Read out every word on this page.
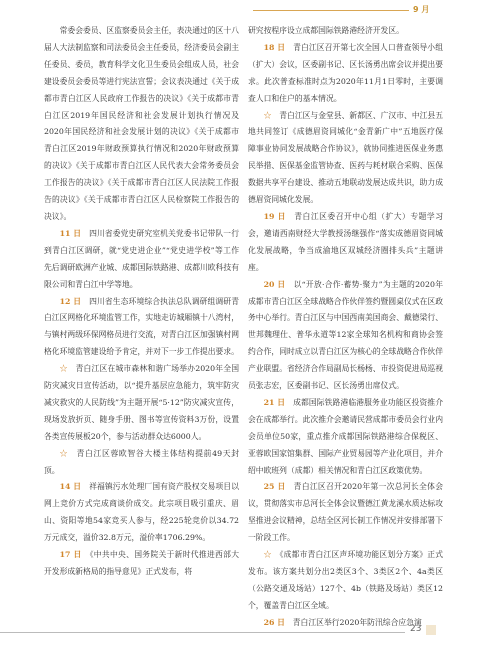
9 月

常委会委员、区监察委员会主任，表决通过的区十八届人大法制监察和司法委员会主任委员，经济委员会副主任委员、委员，教育科学文化卫生委员会组成人员，社会建设委员会委员等进行宪法宣誓；会议表决通过《关于成都市青白江区人民政府工作报告的决议》《关于成都市青白江区2019年国民经济和社会发展计划执行情况及2020年国民经济和社会发展计划的决议》《关于成都市青白江区2019年财政预算执行情况和2020年财政预算的决议》《关于成都市青白江区人民代表大会常务委员会工作报告的决议》《关于成都市青白江区人民法院工作报告的决议》《关于成都市青白江区人民检察院工作报告的决议》。

11 日　 四川省委党史研究室机关党委书记带队一行到青白江区调研，就“党史进企业”“党史进学校”等工作先后调研欧洲产业城、成都国际铁路港、成都川欧科技有限公司和青白江中学等地。

12 日　 四川省生态环境综合执法总队调研组调研青白江区网格化环境监管工作，实地走访城厢镇十八湾村，与镇村两级环保网格员进行交流，对青白江区加强镇村网格化环境监管建设给予肯定，并对下一步工作提出要求。

☆　 青白江区在城市森林和谐广场举办2020年全国防灾减灾日宣传活动，以“提升基层应急能力，筑牢防灾减灾救灾的人民防线”为主题开展“5·12”防灾减灾宣传，现场发放折页、随身手册、图书等宣传资料3万份，设置各类宣传展板20个，参与活动群众达6000人。

☆　 青白江区蓉欧智谷大楼主体结构提前49天封顶。

14 日　 祥福镇污水处理厂国有资产股权交易项目以网上竞价方式完成商谈价成交。此宗项目吸引重庆、眉山、资阳等地54家竞买人参与，经225轮竞价以34.72万元成交，溢价32.8万元，溢价率1706.29%。

17 日　 《中共中央、国务院关于新时代推进西部大开发形成新格局的指导意见》正式发布，将

研究按程序设立成都国际铁路港经济开发区。

18 日　 青白江区召开第七次全国人口普查领导小组（扩大）会议，区委副书记、区长汤勇出席会议并提出要求。此次普查标准时点为2020年11月1日零时，主要调查人口和住户的基本情况。

☆　 青白江区与金堂县、新都区、广汉市、中江县五地共同签订《成德眉资同城化“金青新广中”五地医疗保障事业协同发展战略合作协议》，就协同推进医保业务惠民举措、医保基金监管协查、医药与耗材联合采购、医保数据共享平台建设、推动五地联动发展达成共识，助力成德眉资同城化发展。

19 日　 青白江区委召开中心组（扩大）专题学习会，邀请西南财经大学教授汤继强作“落实成德眉资同城化发展战略，争当成渝地区双城经济圈排头兵”主题讲座。

20 日　 以“开放·合作·蓄势·聚力”为主题的2020年成都市青白江区全球战略合作伙伴签约暨圆桌仪式在区政务中心举行。青白江区与中国西南美国商会、戴德梁行、世邦魏理仕、普华永道等12家全球知名机构和商协会签约合作，同时成立以青白江区为核心的全球战略合作伙伴产业联盟。省经济合作局副局长杨杨、市投资促进局巡视员张志宏，区委副书记、区长汤勇出席仪式。

21 日　 成都国际铁路港临港服务业功能区投资推介会在成都举行。此次推介会邀请民营成都市委员会行业内会员单位50家，重点推介成都国际铁路港综合保税区、亚蓉欧国家馆集群、国际产业贸易园等产业化项目，并介绍中欧班列（成都）相关情况和青白江区政策优势。

25 日　 青白江区召开2020年第一次总河长全体会议，贯彻落实市总河长全体会议暨德江黄龙溪水质达标攻坚推进会议精神，总结全区河长制工作情况并安排部署下一阶段工作。

☆　 《成都市青白江区声环境功能区划分方案》正式发布。该方案共划分出2类区3个、3类区2个、4a类区（公路交通及场站）127个、4b（铁路及场站）类区12个，覆盖青白江区全域。

26 日　 青白江区举行2020年防汛综合应急演

23
